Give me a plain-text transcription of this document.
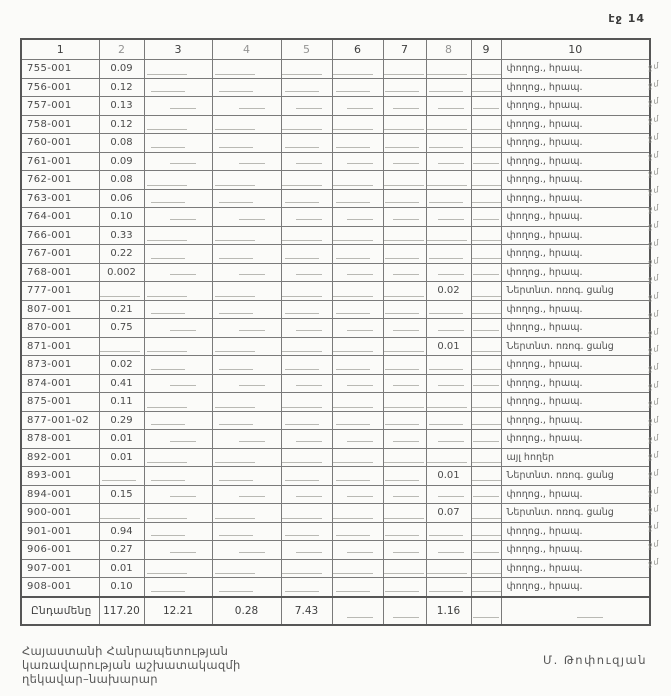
էջ 14
1	2	3	4	5	6	7	8	9	10
755-001	0.09								փողոց., հրապ.
756-001	0.12								փողոց., հրապ.
757-001	0.13								փողոց., հրապ.
758-001	0.12								փողոց., հրապ.
760-001	0.08								փողոց., հրապ.
761-001	0.09								փողոց., հրապ.
762-001	0.08								փողոց., հրապ.
763-001	0.06								փողոց., հրապ.
764-001	0.10								փողոց., հրապ.
766-001	0.33								փողոց., հրապ.
767-001	0.22								փողոց., հրապ.
768-001	0.002								փողոց., հրապ.
777-001							0.02		Ներտնտ. ոռոգ. ցանց
807-001	0.21								փողոց., հրապ.
870-001	0.75								փողոց., հրապ.
871-001							0.01		Ներտնտ. ոռոգ. ցանց
873-001	0.02								փողոց., հրապ.
874-001	0.41								փողոց., հրապ.
875-001	0.11								փողոց., հրապ.
877-001-02	0.29								փողոց., հրապ.
878-001	0.01								փողոց., հրապ.
892-001	0.01								այլ հողեր
893-001							0.01		Ներտնտ. ոռոգ. ցանց
894-001	0.15								փողոց., հրապ.
900-001							0.07		Ներտնտ. ոռոգ. ցանց
901-001	0.94								փողոց., հրապ.
906-001	0.27								փողոց., հրապ.
907-001	0.01								փողոց., հրապ.
908-001	0.10								փողոց., հրապ.
Ընդամենը	117.20	12.21	0.28	7.43			1.16		
ջմ
ջմ
ջմ
ջմ
ջմ
ջմ
ջմ
ջմ
ջմ
ջմ
ջմ
ջմ
ջմ
ջմ
ջմ
ջմ
ջմ
ջմ
ջմ
ջմ
ջմ
ջմ
ջմ
ջմ
ջմ
ջմ
ջմ
ջմ
ջմ
Հայաստանի Հանրապետության
կառավարության աշխատակազմի
ղեկավար–նախարար
Մ. Թոփուզյան
